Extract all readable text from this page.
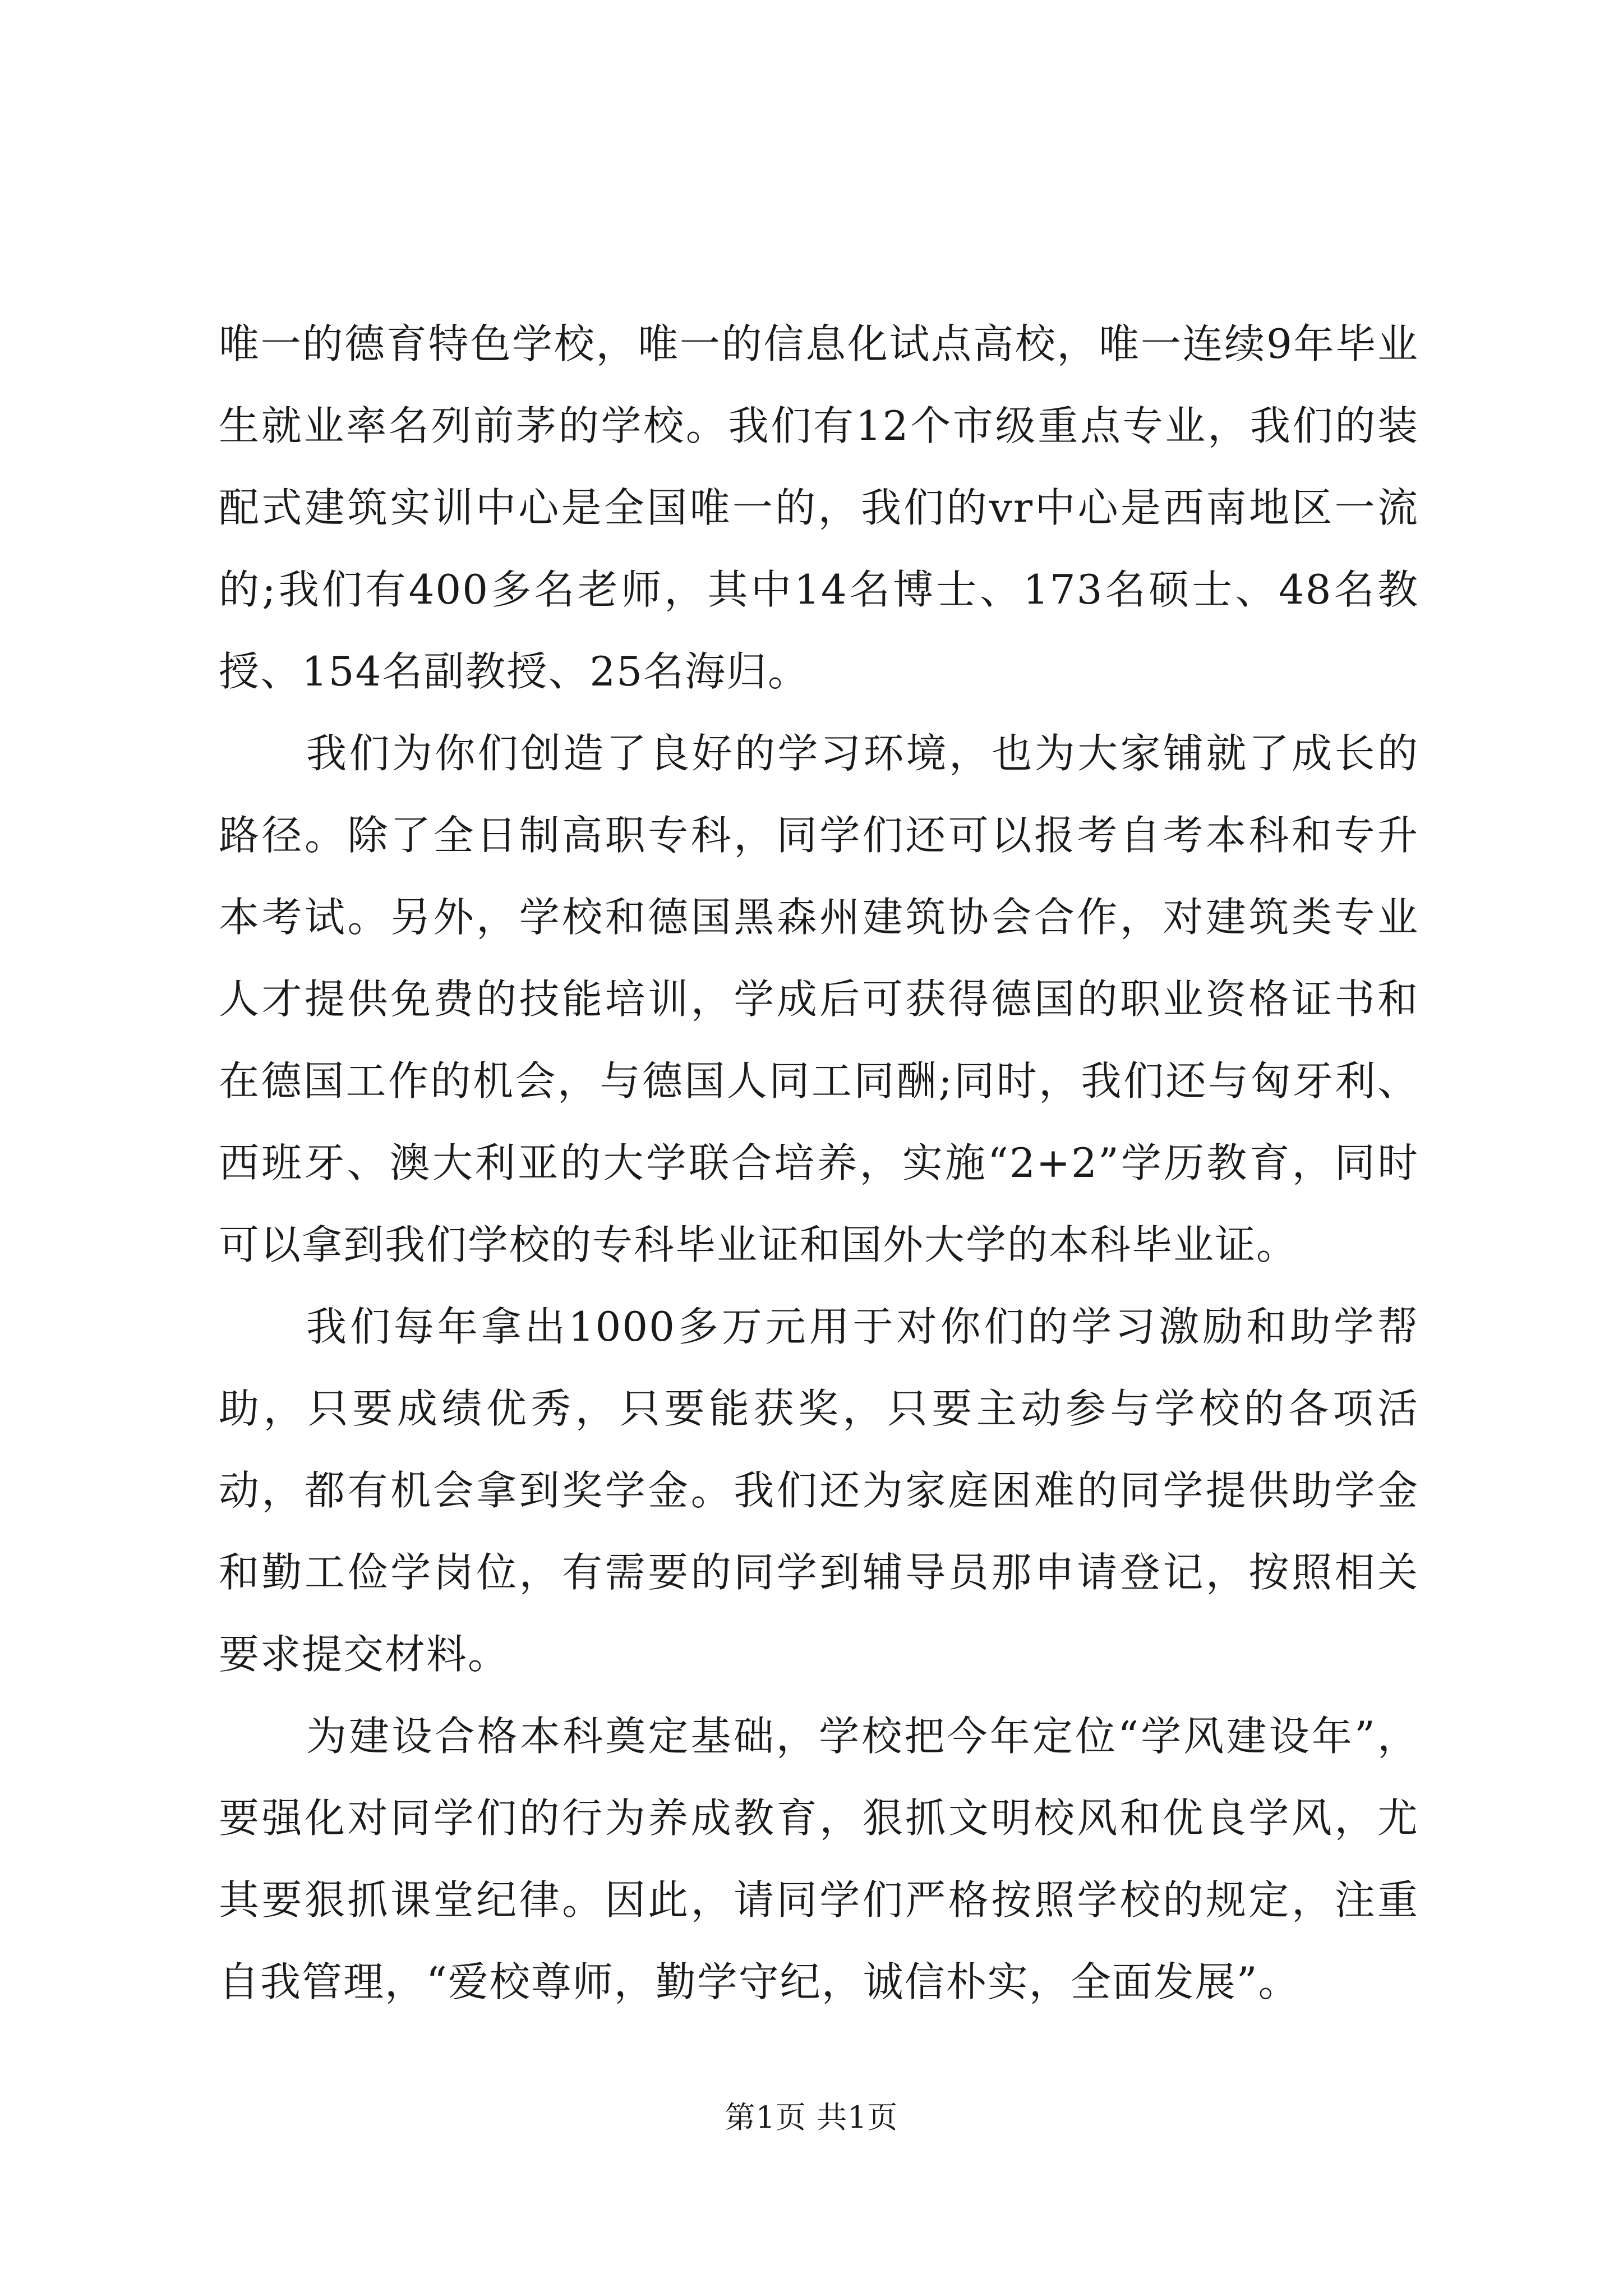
唯一的德育特色学校，唯一的信息化试点高校，唯一连续9年毕业生就业率名列前茅的学校。我们有12个市级重点专业，我们的装配式建筑实训中心是全国唯一的，我们的vr中心是西南地区一流的;我们有400多名老师，其中14名博士、173名硕士、48名教授、154名副教授、25名海归。

我们为你们创造了良好的学习环境，也为大家铺就了成长的路径。除了全日制高职专科，同学们还可以报考自考本科和专升本考试。另外，学校和德国黑森州建筑协会合作，对建筑类专业人才提供免费的技能培训，学成后可获得德国的职业资格证书和在德国工作的机会，与德国人同工同酬;同时，我们还与匈牙利、西班牙、澳大利亚的大学联合培养，实施“2+2”学历教育，同时可以拿到我们学校的专科毕业证和国外大学的本科毕业证。

我们每年拿出1000多万元用于对你们的学习激励和助学帮助，只要成绩优秀，只要能获奖，只要主动参与学校的各项活动，都有机会拿到奖学金。我们还为家庭困难的同学提供助学金和勤工俭学岗位，有需要的同学到辅导员那申请登记，按照相关要求提交材料。

为建设合格本科奠定基础，学校把今年定位“学风建设年”，要强化对同学们的行为养成教育，狠抓文明校风和优良学风，尤其要狠抓课堂纪律。因此，请同学们严格按照学校的规定，注重自我管理，“爱校尊师，勤学守纪，诚信朴实，全面发展”。

第1页 共1页
